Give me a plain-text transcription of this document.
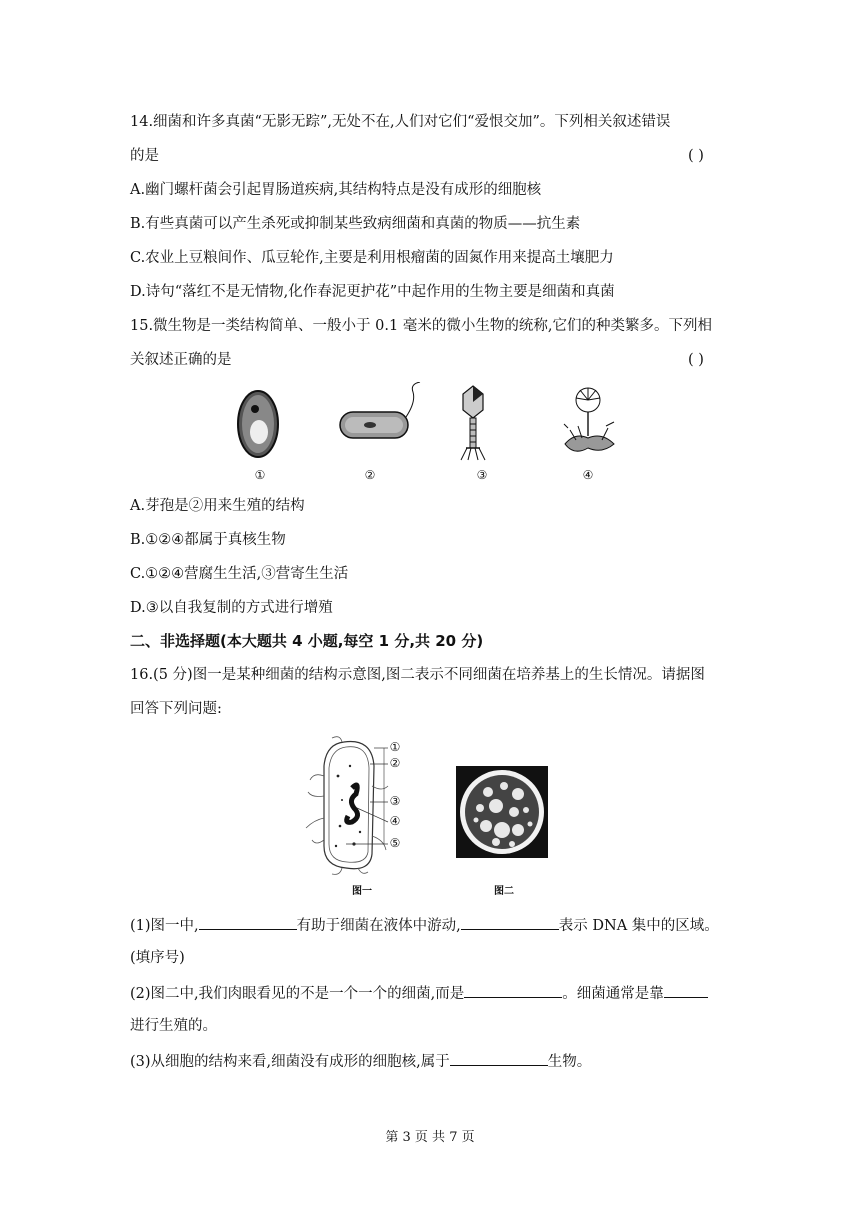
14.细菌和许多真菌“无影无踪”,无处不在,人们对它们“爱恨交加”。下列相关叙述错误
的是	( )
A.幽门螺杆菌会引起胃肠道疾病,其结构特点是没有成形的细胞核
B.有些真菌可以产生杀死或抑制某些致病细菌和真菌的物质——抗生素
C.农业上豆粮间作、瓜豆轮作,主要是利用根瘤菌的固氮作用来提高土壤肥力
D.诗句“落红不是无情物,化作春泥更护花”中起作用的生物主要是细菌和真菌
15.微生物是一类结构简单、一般小于 0.1 毫米的微小生物的统称,它们的种类繁多。下列相
关叙述正确的是	( )
①	②	③	④
A.芽孢是②用来生殖的结构
B.①②④都属于真核生物
C.①②④营腐生生活,③营寄生生活
D.③以自我复制的方式进行增殖
二、非选择题(本大题共 4 小题,每空 1 分,共 20 分)
16.(5 分)图一是某种细菌的结构示意图,图二表示不同细菌在培养基上的生长情况。请据图
回答下列问题:
①
②
③
④
⑤
图一	图二
(1)图一中,	有助于细菌在液体中游动,	表示 DNA 集中的区域。
(填序号)
(2)图二中,我们肉眼看见的不是一个一个的细菌,而是	。细菌通常是靠
进行生殖的。
(3)从细胞的结构来看,细菌没有成形的细胞核,属于	生物。
第 3 页 共 7 页
